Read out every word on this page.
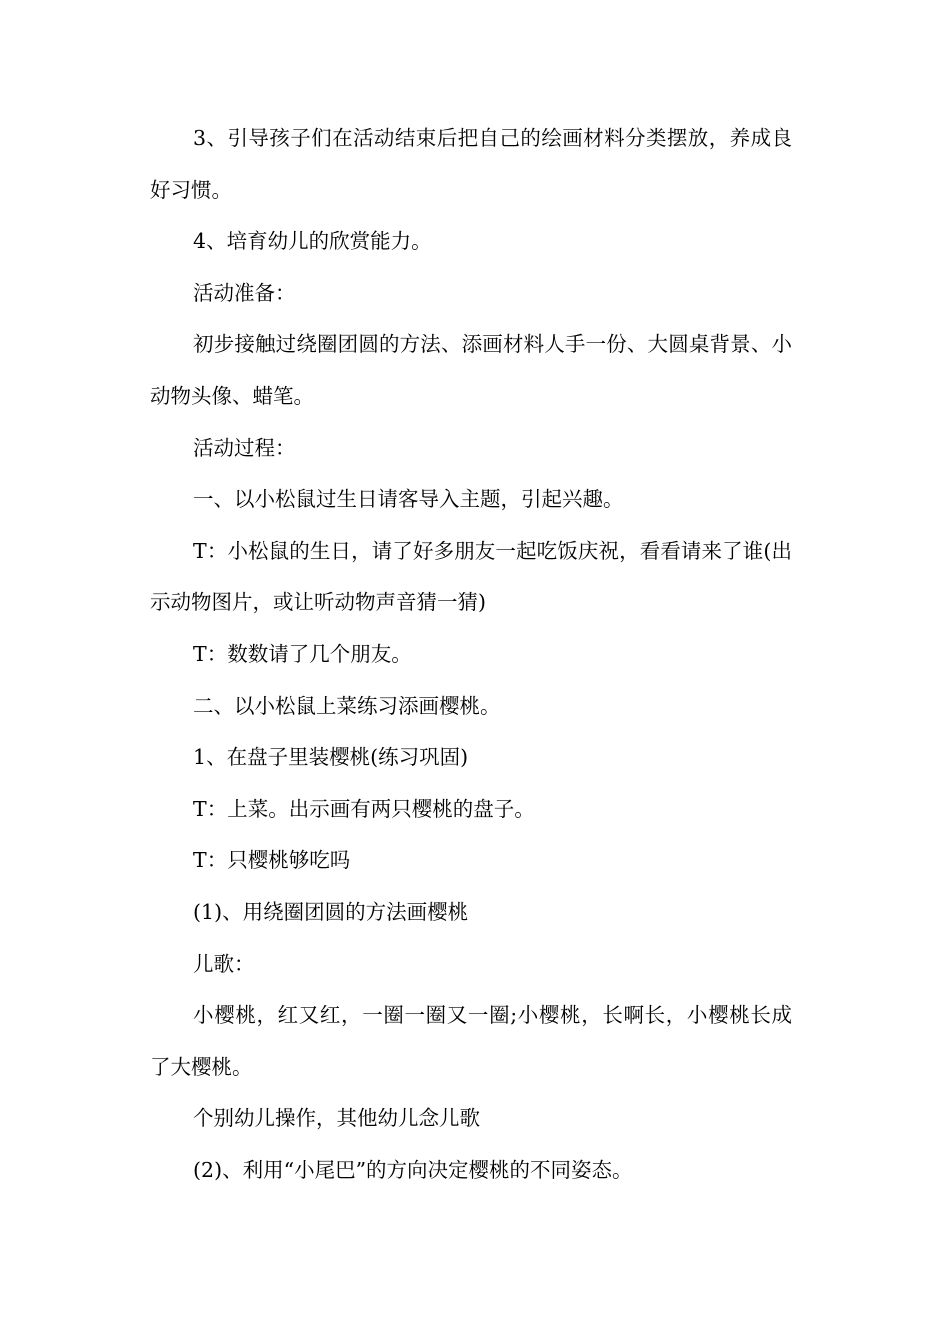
3、引导孩子们在活动结束后把自己的绘画材料分类摆放，养成良好习惯。

4、培育幼儿的欣赏能力。

活动准备：

初步接触过绕圈团圆的方法、添画材料人手一份、大圆桌背景、小动物头像、蜡笔。

活动过程：

一、以小松鼠过生日请客导入主题，引起兴趣。

T：小松鼠的生日，请了好多朋友一起吃饭庆祝，看看请来了谁(出示动物图片，或让听动物声音猜一猜)

T：数数请了几个朋友。

二、以小松鼠上菜练习添画樱桃。

1、在盘子里装樱桃(练习巩固)

T：上菜。出示画有两只樱桃的盘子。

T：只樱桃够吃吗

(1)、用绕圈团圆的方法画樱桃

儿歌：

小樱桃，红又红，一圈一圈又一圈;小樱桃，长啊长，小樱桃长成了大樱桃。

个别幼儿操作，其他幼儿念儿歌

(2)、利用“小尾巴”的方向决定樱桃的不同姿态。
